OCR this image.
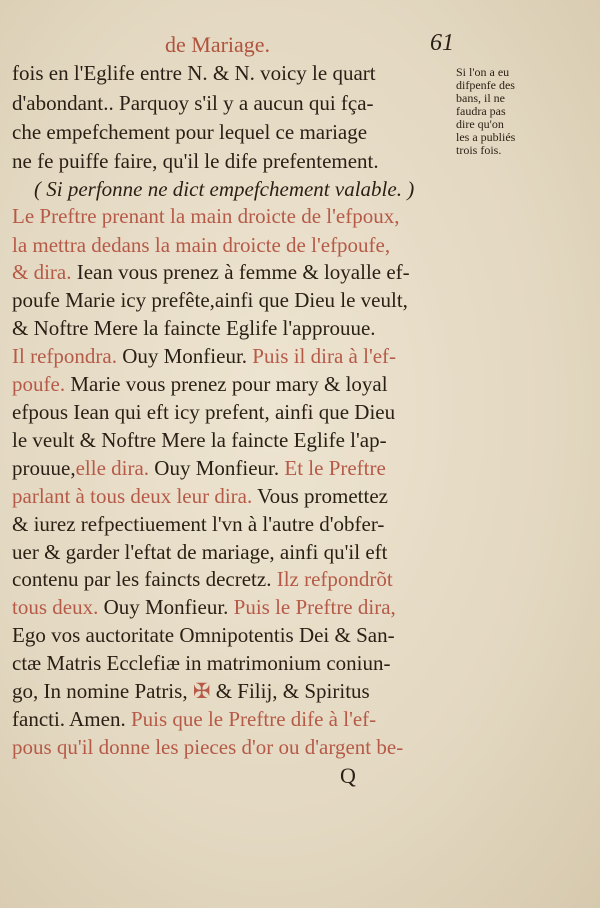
de Mariage.	61
Si l'on a eu
difpenfe des
bans, il ne
faudra pas
dire qu'on
les a publiés
trois fois.
fois en l'Eglife entre N. & N. voicy le quart
d'abondant.. Parquoy s'il y a aucun qui fça-
che empefchement pour lequel ce mariage
ne fe puiffe faire, qu'il le dife prefentement.
( Si perfonne ne dict empefchement valable. )
Le Preftre prenant la main droicte de l'efpoux,
la mettra dedans la main droicte de l'efpoufe,
& dira. Iean vous prenez à femme & loyalle ef-
poufe Marie icy prefête,ainfi que Dieu le veult,
& Noftre Mere la faincte Eglife l'approuue.
Il refpondra. Ouy Monfieur. Puis il dira à l'ef-
poufe. Marie vous prenez pour mary & loyal
efpous Iean qui eft icy prefent, ainfi que Dieu
le veult & Noftre Mere la faincte Eglife l'ap-
prouue,elle dira. Ouy Monfieur. Et le Preftre
parlant à tous deux leur dira. Vous promettez
& iurez refpectiuement l'vn à l'autre d'obfer-
uer & garder l'eftat de mariage, ainfi qu'il eft
contenu par les faincts decretz. Ilz refpondrõt
tous deux. Ouy Monfieur. Puis le Preftre dira,
Ego vos auctoritate Omnipotentis Dei & San-
ctæ Matris Ecclefiæ in matrimonium coniun-
go, In nomine Patris, ✠ & Filij, & Spiritus
fancti. Amen. Puis que le Preftre dife à l'ef-
pous qu'il donne les pieces d'or ou d'argent be-
Q
